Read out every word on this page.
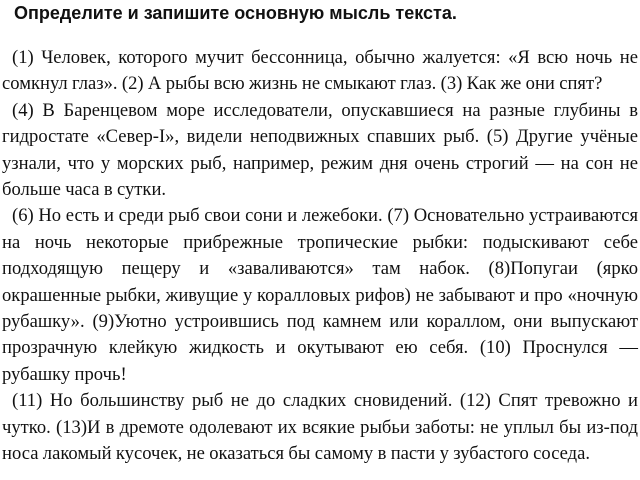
Определите и запишите основную мысль текста.

(1) Человек, которого мучит бессонница, обычно жалуется: «Я всю ночь не сомкнул глаз». (2) А рыбы всю жизнь не смыкают глаз. (3) Как же они спят?

(4) В Баренцевом море исследователи, опускавшиеся на разные глубины в гидростате «Север-I», видели неподвижных спавших рыб. (5) Другие учёные узнали, что у морских рыб, например, режим дня очень строгий — на сон не больше часа в сутки.

(6) Но есть и среди рыб свои сони и лежебоки. (7) Основательно устраиваются на ночь некоторые прибрежные тропические рыбки: подыскивают себе подходящую пещеру и «заваливаются» там набок. (8)Попугаи (ярко окрашенные рыбки, живущие у коралловых рифов) не забывают и про «ночную рубашку». (9)Уютно устроившись под камнем или кораллом, они выпускают прозрачную клейкую жидкость и окутывают ею себя. (10) Проснулся — рубашку прочь!

(11) Но большинству рыб не до сладких сновидений. (12) Спят тревожно и чутко. (13)И в дремоте одолевают их всякие рыбьи заботы: не уплыл бы из-под носа лакомый кусочек, не оказаться бы самому в пасти у зубастого соседа.
